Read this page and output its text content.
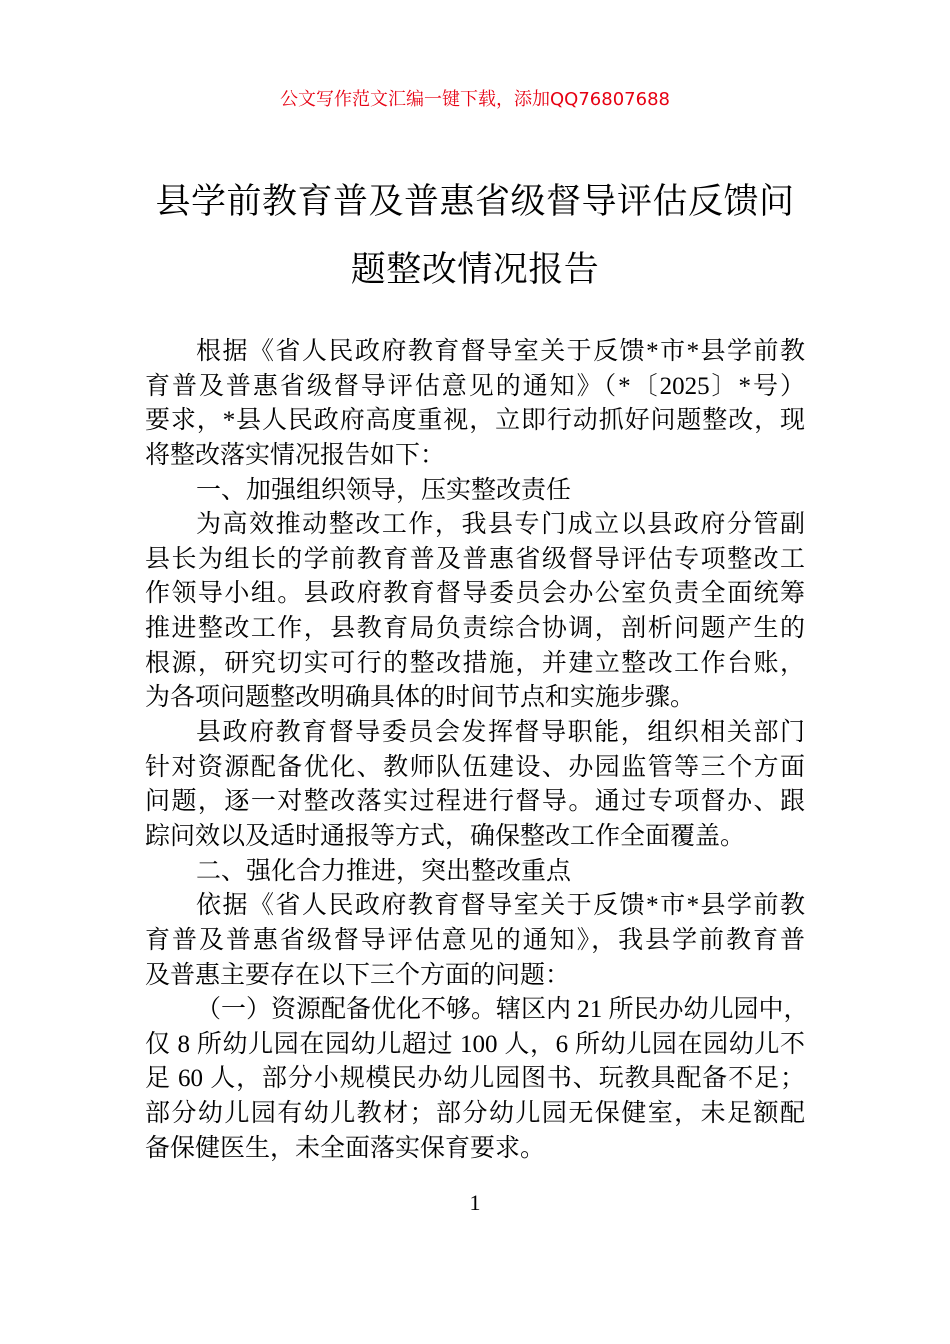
公文写作范文汇编一键下载，添加QQ76807688
县学前教育普及普惠省级督导评估反馈问
题整改情况报告
根据《省人民政府教育督导室关于反馈*市*县学前教
育普及普惠省级督导评估意见的通知》（*〔2025〕*号）
要求，*县人民政府高度重视，立即行动抓好问题整改，现
将整改落实情况报告如下：
一、加强组织领导，压实整改责任
为高效推动整改工作，我县专门成立以县政府分管副
县长为组长的学前教育普及普惠省级督导评估专项整改工
作领导小组。县政府教育督导委员会办公室负责全面统筹
推进整改工作，县教育局负责综合协调，剖析问题产生的
根源，研究切实可行的整改措施，并建立整改工作台账，
为各项问题整改明确具体的时间节点和实施步骤。
县政府教育督导委员会发挥督导职能，组织相关部门
针对资源配备优化、教师队伍建设、办园监管等三个方面
问题，逐一对整改落实过程进行督导。通过专项督办、跟
踪问效以及适时通报等方式，确保整改工作全面覆盖。
二、强化合力推进，突出整改重点
依据《省人民政府教育督导室关于反馈*市*县学前教
育普及普惠省级督导评估意见的通知》，我县学前教育普
及普惠主要存在以下三个方面的问题：
（一）资源配备优化不够。辖区内 21 所民办幼儿园中，
仅 8 所幼儿园在园幼儿超过 100 人，6 所幼儿园在园幼儿不
足 60 人，部分小规模民办幼儿园图书、玩教具配备不足；
部分幼儿园有幼儿教材；部分幼儿园无保健室，未足额配
备保健医生，未全面落实保育要求。
1
